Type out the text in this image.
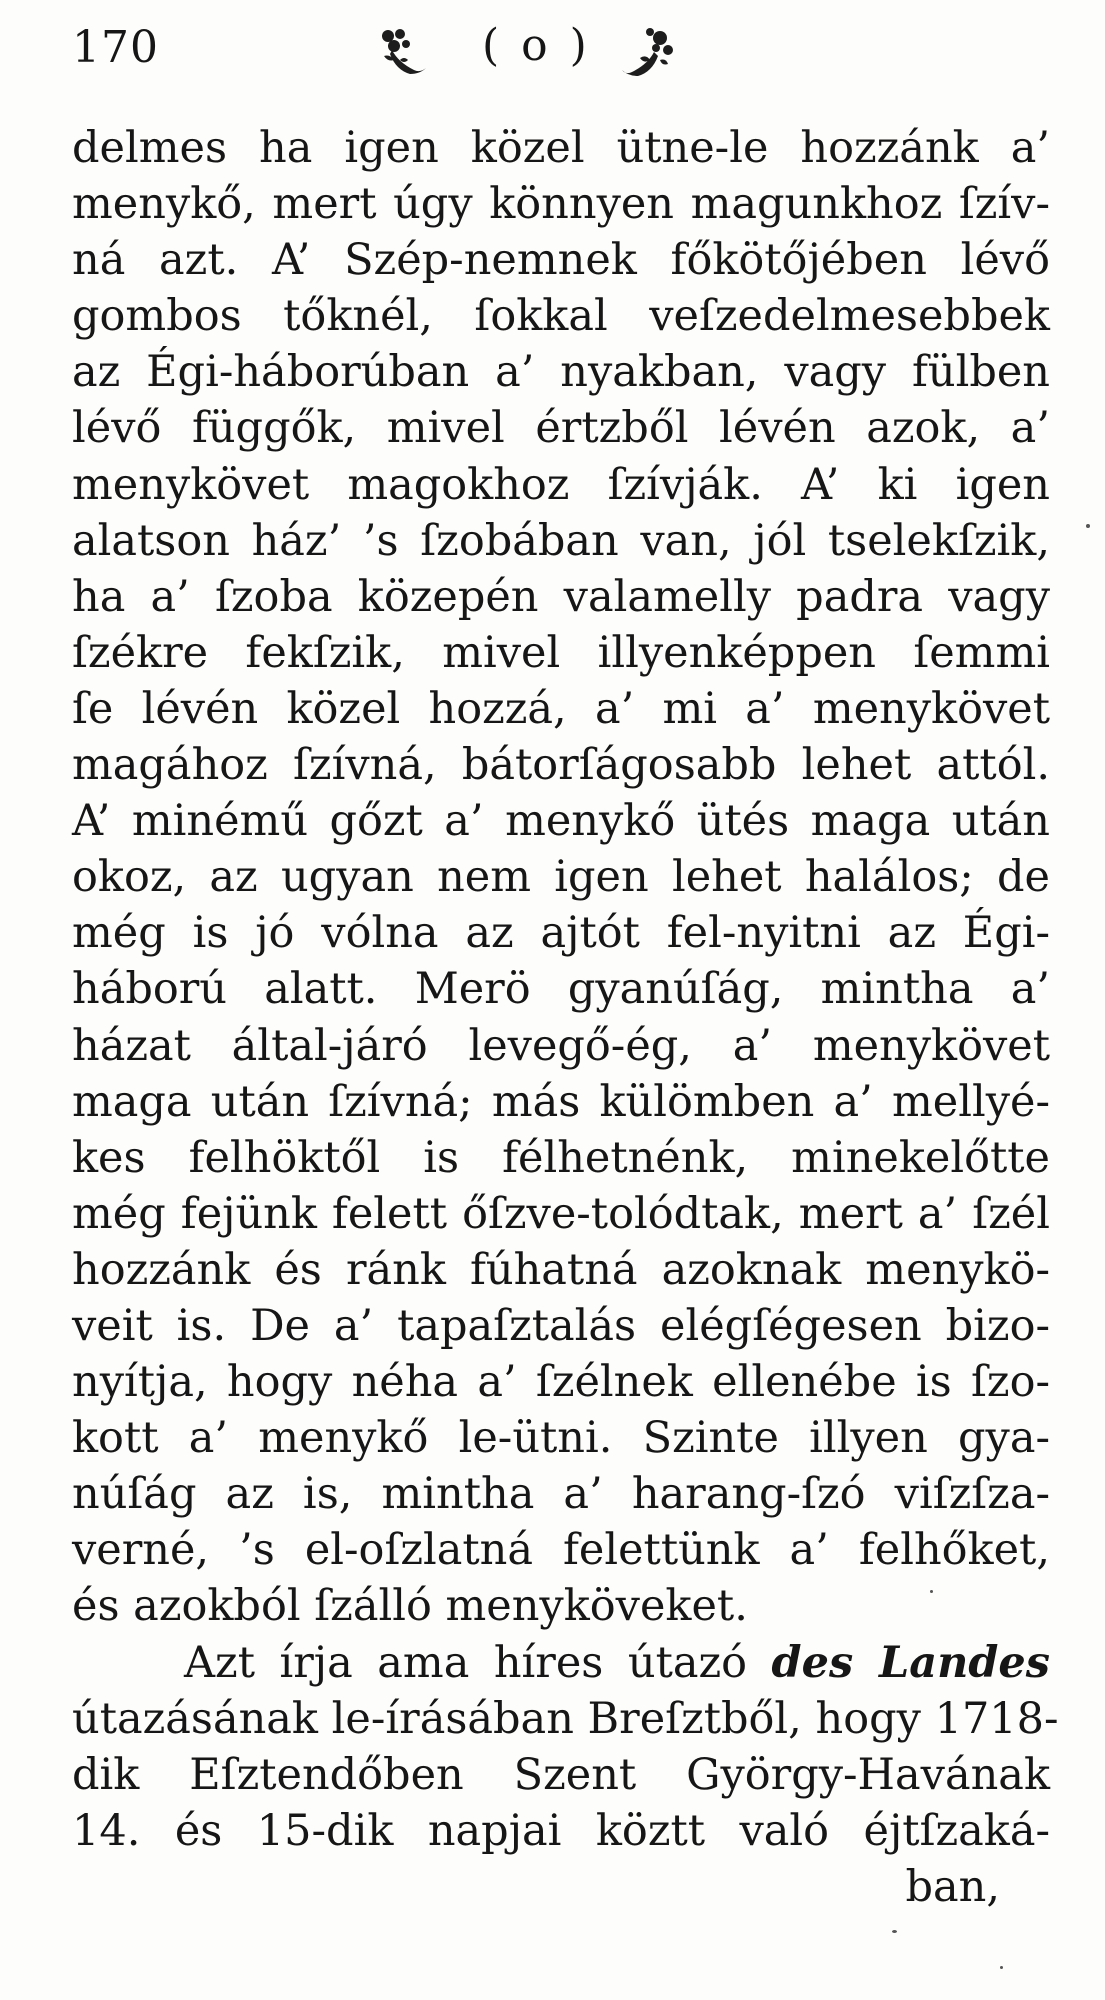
170	( o )
delmes ha igen közel ütne-le hozzánk a’
menykő, mert úgy könnyen magunkhoz ſzív-
ná azt. A’ Szép-nemnek főkötőjében lévő
gombos tőknél, ſokkal veſzedelmesebbek
az Égi-háborúban a’ nyakban, vagy fülben
lévő függők, mivel értzből lévén azok, a’
menykövet magokhoz ſzívják. A’ ki igen
alatson ház’ ’s ſzobában van, jól tselekſzik,
ha a’ ſzoba közepén valamelly padra vagy
ſzékre fekſzik, mivel illyenképpen ſemmi
ſe lévén közel hozzá, a’ mi a’ menykövet
magához ſzívná, bátorſágosabb lehet attól.
A’ minémű gőzt a’ menykő ütés maga után
okoz, az ugyan nem igen lehet halálos; de
még is jó vólna az ajtót fel-nyitni az Égi-
háború alatt. Merö gyanúſág, mintha a’
házat által-járó levegő-ég, a’ menykövet
maga után ſzívná; más külömben a’ mellyé-
kes felhöktől is félhetnénk, minekelőtte
még fejünk felett őſzve-tolódtak, mert a’ ſzél
hozzánk és ránk fúhatná azoknak menykö-
veit is. De a’ tapaſztalás elégſégesen bizo-
nyítja, hogy néha a’ ſzélnek ellenébe is ſzo-
kott a’ menykő le-ütni. Szinte illyen gya-
núſág az is, mintha a’ harang-ſzó viſzſza-
verné, ’s el-oſzlatná felettünk a’ felhőket,
és azokból ſzálló menyköveket.
Azt írja ama híres útazó des Landes
útazásának le-írásában Breſztből, hogy 1718-
dik Eſztendőben Szent György-Havának
14. és 15-dik napjai köztt való éjtſzaká-
ban,
